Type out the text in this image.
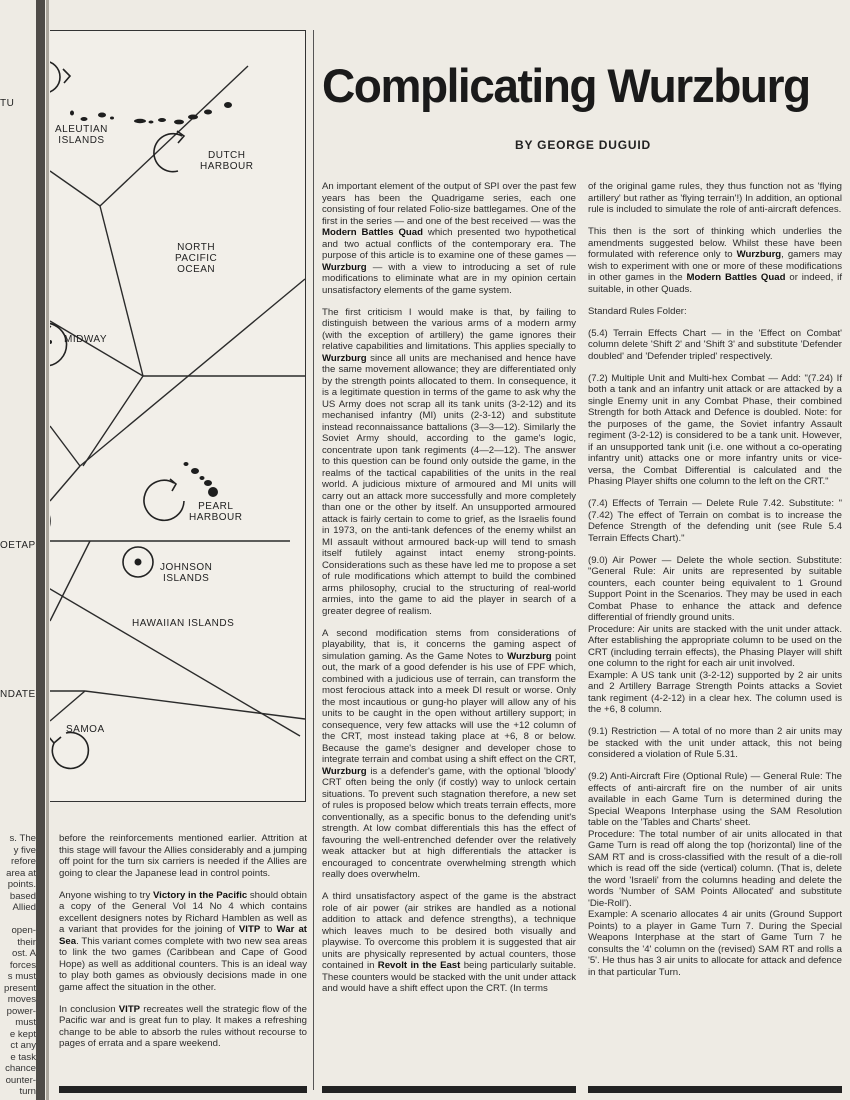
s. The
y five
refore
area at
points.
based
Allied

open-
their
ost. A
forces
s must
present
moves
power-
must
e kept
ct any
e task
chance
ounter-
turn
ALEUTIAN
ISLANDS
DUTCH
HARBOUR
NORTH
PACIFIC
OCEAN
MIDWAY
PEARL
HARBOUR
JOHNSON
ISLANDS
HAWAIIAN ISLANDS
SAMOA
TU
OETAP
NDATE

before the reinforcements mentioned earlier. Attrition at this stage will favour the Allies considerably and a jumping off point for the turn six carriers is needed if the Allies are going to clear the Japanese lead in control points.

Anyone wishing to try Victory in the Pacific should obtain a copy of the General Vol 14 No 4 which contains excellent designers notes by Richard Hamblen as well as a variant that provides for the joining of VITP to War at Sea. This variant comes complete with two new sea areas to link the two games (Caribbean and Cape of Good Hope) as well as additional counters. This is an ideal way to play both games as obviously decisions made in one game affect the situation in the other.

In conclusion VITP recreates well the strategic flow of the Pacific war and is great fun to play. It makes a refreshing change to be able to absorb the rules without recourse to pages of errata and a spare weekend.

Complicating Wurzburg
BY GEORGE DUGUID

An important element of the output of SPI over the past few years has been the Quadrigame series, each one consisting of four related Folio-size battlegames. One of the first in the series — and one of the best received — was the Modern Battles Quad which presented two hypothetical and two actual conflicts of the contemporary era. The purpose of this article is to examine one of these games — Wurzburg — with a view to introducing a set of rule modifications to eliminate what are in my opinion certain unsatisfactory elements of the game system.

The first criticism I would make is that, by failing to distinguish between the various arms of a modern army (with the exception of artillery) the game ignores their relative capabilities and limitations. This applies specially to Wurzburg since all units are mechanised and hence have the same movement allowance; they are differentiated only by the strength points allocated to them. In consequence, it is a legitimate question in terms of the game to ask why the US Army does not scrap all its tank units (3-2-12) and its mechanised infantry (MI) units (2-3-12) and substitute instead reconnaissance battalions (3—3—12). Similarly the Soviet Army should, according to the game's logic, concentrate upon tank regiments (4—2—12). The answer to this question can be found only outside the game, in the realms of the tactical capabilities of the units in the real world. A judicious mixture of armoured and MI units will carry out an attack more successfully and more completely than one or the other by itself. An unsupported armoured attack is fairly certain to come to grief, as the Israelis found in 1973, on the anti-tank defences of the enemy whilst an MI assault without armoured back-up will tend to smash itself futilely against intact enemy strong-points. Considerations such as these have led me to propose a set of rule modifications which attempt to build the combined arms philosophy, crucial to the structuring of real-world armies, into the game to aid the player in search of a greater degree of realism.

A second modification stems from considerations of playability, that is, it concerns the gaming aspect of simulation gaming. As the Game Notes to Wurzburg point out, the mark of a good defender is his use of FPF which, combined with a judicious use of terrain, can transform the most ferocious attack into a meek DI result or worse. Only the most incautious or gung-ho player will allow any of his units to be caught in the open without artillery support; in consequence, very few attacks will use the +12 column of the CRT, most instead taking place at +6, 8 or below. Because the game's designer and developer chose to integrate terrain and combat using a shift effect on the CRT, Wurzburg is a defender's game, with the optional 'bloody' CRT often being the only (if costly) way to unlock certain situations. To prevent such stagnation therefore, a new set of rules is proposed below which treats terrain effects, more conventionally, as a specific bonus to the defending unit's strength. At low combat differentials this has the effect of favouring the well-entrenched defender over the relatively weak attacker but at high differentials the attacker is encouraged to concentrate overwhelming strength which really does overwhelm.

A third unsatisfactory aspect of the game is the abstract role of air power (air strikes are handled as a notional addition to attack and defence strengths), a technique which leaves much to be desired both visually and playwise. To overcome this problem it is suggested that air units are physically represented by actual counters, those contained in Revolt in the East being particularly suitable. These counters would be stacked with the unit under attack and would have a shift effect upon the CRT. (In terms

of the original game rules, they thus function not as 'flying artillery' but rather as 'flying terrain'!) In addition, an optional rule is included to simulate the role of anti-aircraft defences.

This then is the sort of thinking which underlies the amendments suggested below. Whilst these have been formulated with reference only to Wurzburg, gamers may wish to experiment with one or more of these modifications in other games in the Modern Battles Quad or indeed, if suitable, in other Quads.

Standard Rules Folder:

(5.4) Terrain Effects Chart — in the 'Effect on Combat' column delete 'Shift 2' and 'Shift 3' and substitute 'Defender doubled' and 'Defender tripled' respectively.

(7.2) Multiple Unit and Multi-hex Combat — Add: "(7.24) If both a tank and an infantry unit attack or are attacked by a single Enemy unit in any Combat Phase, their combined Strength for both Attack and Defence is doubled. Note: for the purposes of the game, the Soviet infantry Assault regiment (3-2-12) is considered to be a tank unit. However, if an unsupported tank unit (i.e. one without a co-operating infantry unit) attacks one or more infantry units or vice-versa, the Combat Differential is calculated and the Phasing Player shifts one column to the left on the CRT."

(7.4) Effects of Terrain — Delete Rule 7.42. Substitute: "(7.42) The effect of Terrain on combat is to increase the Defence Strength of the defending unit (see Rule 5.4 Terrain Effects Chart)."

(9.0) Air Power — Delete the whole section. Substitute: "General Rule: Air units are represented by suitable counters, each counter being equivalent to 1 Ground Support Point in the Scenarios. They may be used in each Combat Phase to enhance the attack and defence differential of friendly ground units.

Procedure: Air units are stacked with the unit under attack. After establishing the appropriate column to be used on the CRT (including terrain effects), the Phasing Player will shift one column to the right for each air unit involved.

Example: A US tank unit (3-2-12) supported by 2 air units and 2 Artillery Barrage Strength Points attacks a Soviet tank regiment (4-2-12) in a clear hex. The column used is the +6, 8 column.

(9.1) Restriction — A total of no more than 2 air units may be stacked with the unit under attack, this not being considered a violation of Rule 5.31.

(9.2) Anti-Aircraft Fire (Optional Rule) — General Rule: The effects of anti-aircraft fire on the number of air units available in each Game Turn is determined during the Special Weapons Interphase using the SAM Resolution table on the 'Tables and Charts' sheet.

Procedure: The total number of air units allocated in that Game Turn is read off along the top (horizontal) line of the SAM RT and is cross-classified with the result of a die-roll which is read off the side (vertical) column. (That is, delete the word 'Israeli' from the columns heading and delete the words 'Number of SAM Points Allocated' and substitute 'Die-Roll').

Example: A scenario allocates 4 air units (Ground Support Points) to a player in Game Turn 7. During the Special Weapons Interphase at the start of Game Turn 7 he consults the '4' column on the (revised) SAM RT and rolls a '5'. He thus has 3 air units to allocate for attack and defence in that particular Turn.
